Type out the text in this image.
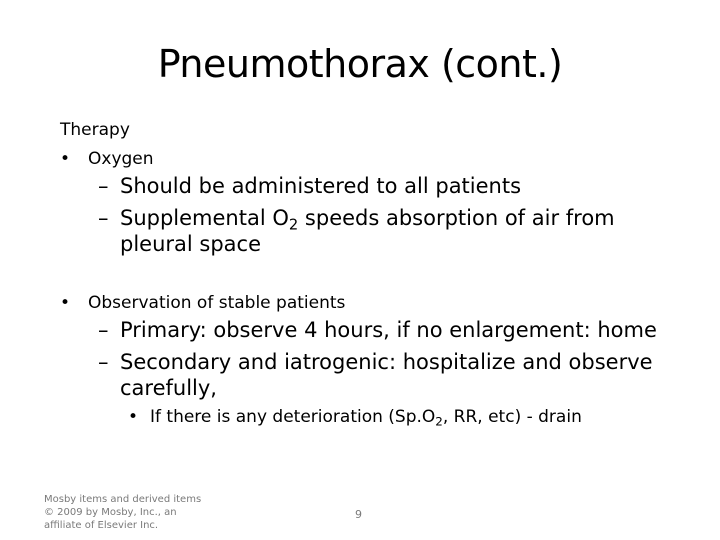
Pneumothorax (cont.)
Therapy
• Oxygen
– Should be administered to all patients
– Supplemental $O_2$ speeds absorption of air from
pleural space
• Observation of stable patients
– Primary: observe 4 hours, if no enlargement: home
– Secondary and iatrogenic: hospitalize and observe
carefully,
• If there is any deterioration ($Sp.O_2$, RR, etc) - drain
Mosby items and derived items
© 2009 by Mosby, Inc., an
affiliate of Elsevier Inc.
9
